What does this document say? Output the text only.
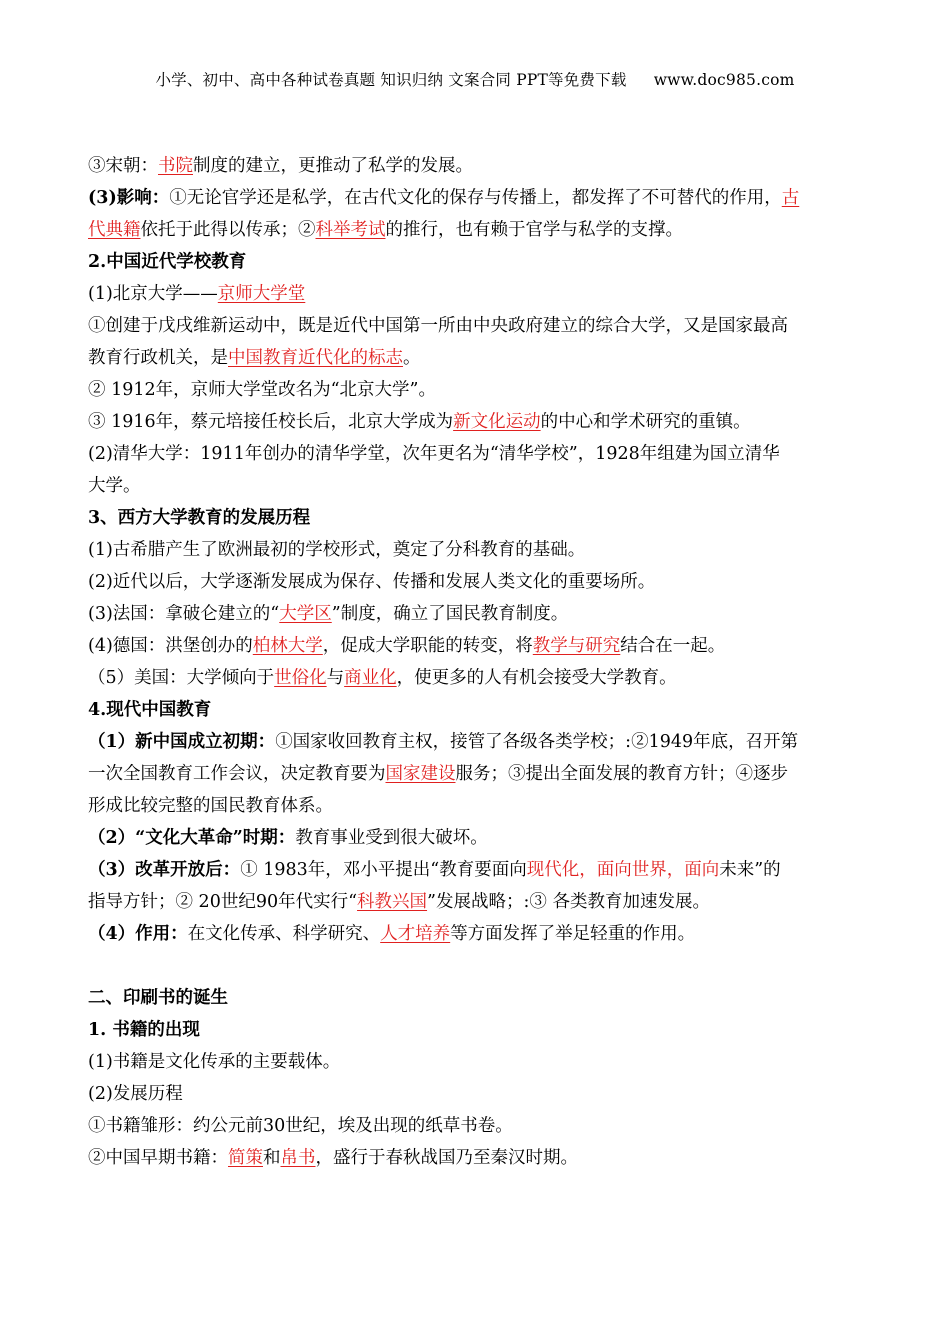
小学、初中、高中各种试卷真题 知识归纳 文案合同 PPT等免费下载 www.doc985.com
③宋朝：书院制度的建立，更推动了私学的发展。
(3)影响：①无论官学还是私学，在古代文化的保存与传播上，都发挥了不可替代的作用，古
代典籍依托于此得以传承；②科举考试的推行，也有赖于官学与私学的支撑。
2.中国近代学校教育
(1)北京大学——京师大学堂
①创建于戊戌维新运动中，既是近代中国第一所由中央政府建立的综合大学，又是国家最高
教育行政机关，是中国教育近代化的标志。
② 1912年，京师大学堂改名为“北京大学”。
③ 1916年，蔡元培接任校长后，北京大学成为新文化运动的中心和学术研究的重镇。
(2)清华大学：1911年创办的清华学堂，次年更名为“清华学校”，1928年组建为国立清华
大学。
3、西方大学教育的发展历程
(1)古希腊产生了欧洲最初的学校形式，奠定了分科教育的基础。
(2)近代以后，大学逐渐发展成为保存、传播和发展人类文化的重要场所。
(3)法国：拿破仑建立的“大学区”制度，确立了国民教育制度。
(4)德国：洪堡创办的柏林大学，促成大学职能的转变，将教学与研究结合在一起。
（5）美国：大学倾向于世俗化与商业化，使更多的人有机会接受大学教育。
4.现代中国教育
（1）新中国成立初期：①国家收回教育主权，接管了各级各类学校；:②1949年底，召开第
一次全国教育工作会议，决定教育要为国家建设服务；③提出全面发展的教育方针；④逐步
形成比较完整的国民教育体系。
（2）“文化大革命”时期：教育事业受到很大破坏。
（3）改革开放后：① 1983年，邓小平提出“教育要面向现代化，面向世界，面向未来”的
指导方针；② 20世纪90年代实行“科教兴国”发展战略；:③ 各类教育加速发展。
（4）作用：在文化传承、科学研究、人才培养等方面发挥了举足轻重的作用。
二、印刷书的诞生
1. 书籍的出现
(1)书籍是文化传承的主要载体。
(2)发展历程
①书籍雏形：约公元前30世纪，埃及出现的纸草书卷。
②中国早期书籍：简策和帛书，盛行于春秋战国乃至秦汉时期。
